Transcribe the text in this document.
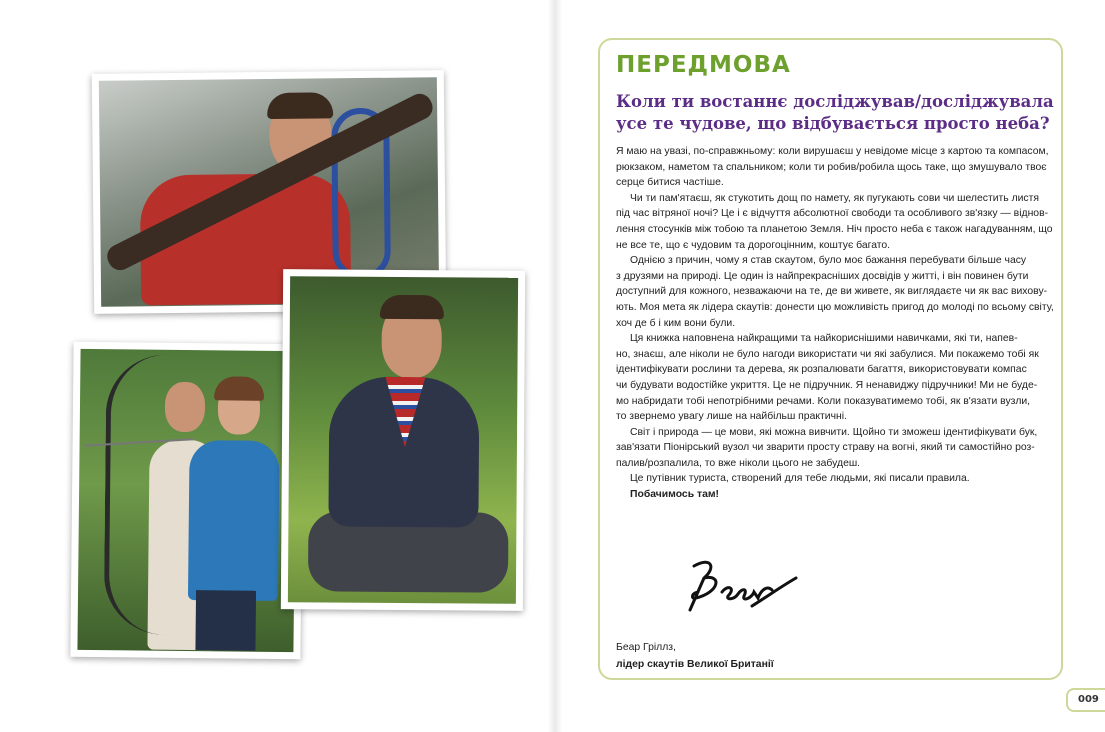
ПЕРЕДМОВА
Коли ти востаннє досліджував/досліджувала
усе те чудове, що відбувається просто неба?
Я маю на увазі, по-справжньому: коли вирушаєш у невідоме місце з картою та компасом,
рюкзаком, наметом та спальником; коли ти робив/робила щось таке, що змушувало твоє
серце битися частіше.
Чи ти пам'ятаєш, як стукотить дощ по намету, як пугукають сови чи шелестить листя
під час вітряної ночі? Це і є відчуття абсолютної свободи та особливого зв'язку — віднов-
лення стосунків між тобою та планетою Земля. Ніч просто неба є також нагадуванням, що
не все те, що є чудовим та дорогоцінним, коштує багато.
Однією з причин, чому я став скаутом, було моє бажання перебувати більше часу
з друзями на природі. Це один із найпрекрасніших досвідів у житті, і він повинен бути
доступний для кожного, незважаючи на те, де ви живете, як виглядаєте чи як вас вихову-
ють. Моя мета як лідера скаутів: донести цю можливість пригод до молоді по всьому світу,
хоч де б і ким вони були.
Ця книжка наповнена найкращими та найкориснішими навичками, які ти, напев-
но, знаєш, але ніколи не було нагоди використати чи які забулися. Ми покажемо тобі як
ідентифікувати рослини та дерева, як розпалювати багаття, використовувати компас
чи будувати водостійке укриття. Це не підручник. Я ненавиджу підручники! Ми не буде-
мо набридати тобі непотрібними речами. Коли показуватимемо тобі, як в'язати вузли,
то звернемо увагу лише на найбільш практичні.
Світ і природа — це мови, які можна вивчити. Щойно ти зможеш ідентифікувати бук,
зав'язати Піонірський вузол чи зварити просту страву на вогні, який ти самостійно роз-
палив/розпалила, то вже ніколи цього не забудеш.
Це путівник туриста, створений для тебе людьми, які писали правила.
Побачимось там!
Беар Гріллз,
лідер скаутів Великої Британії
009
